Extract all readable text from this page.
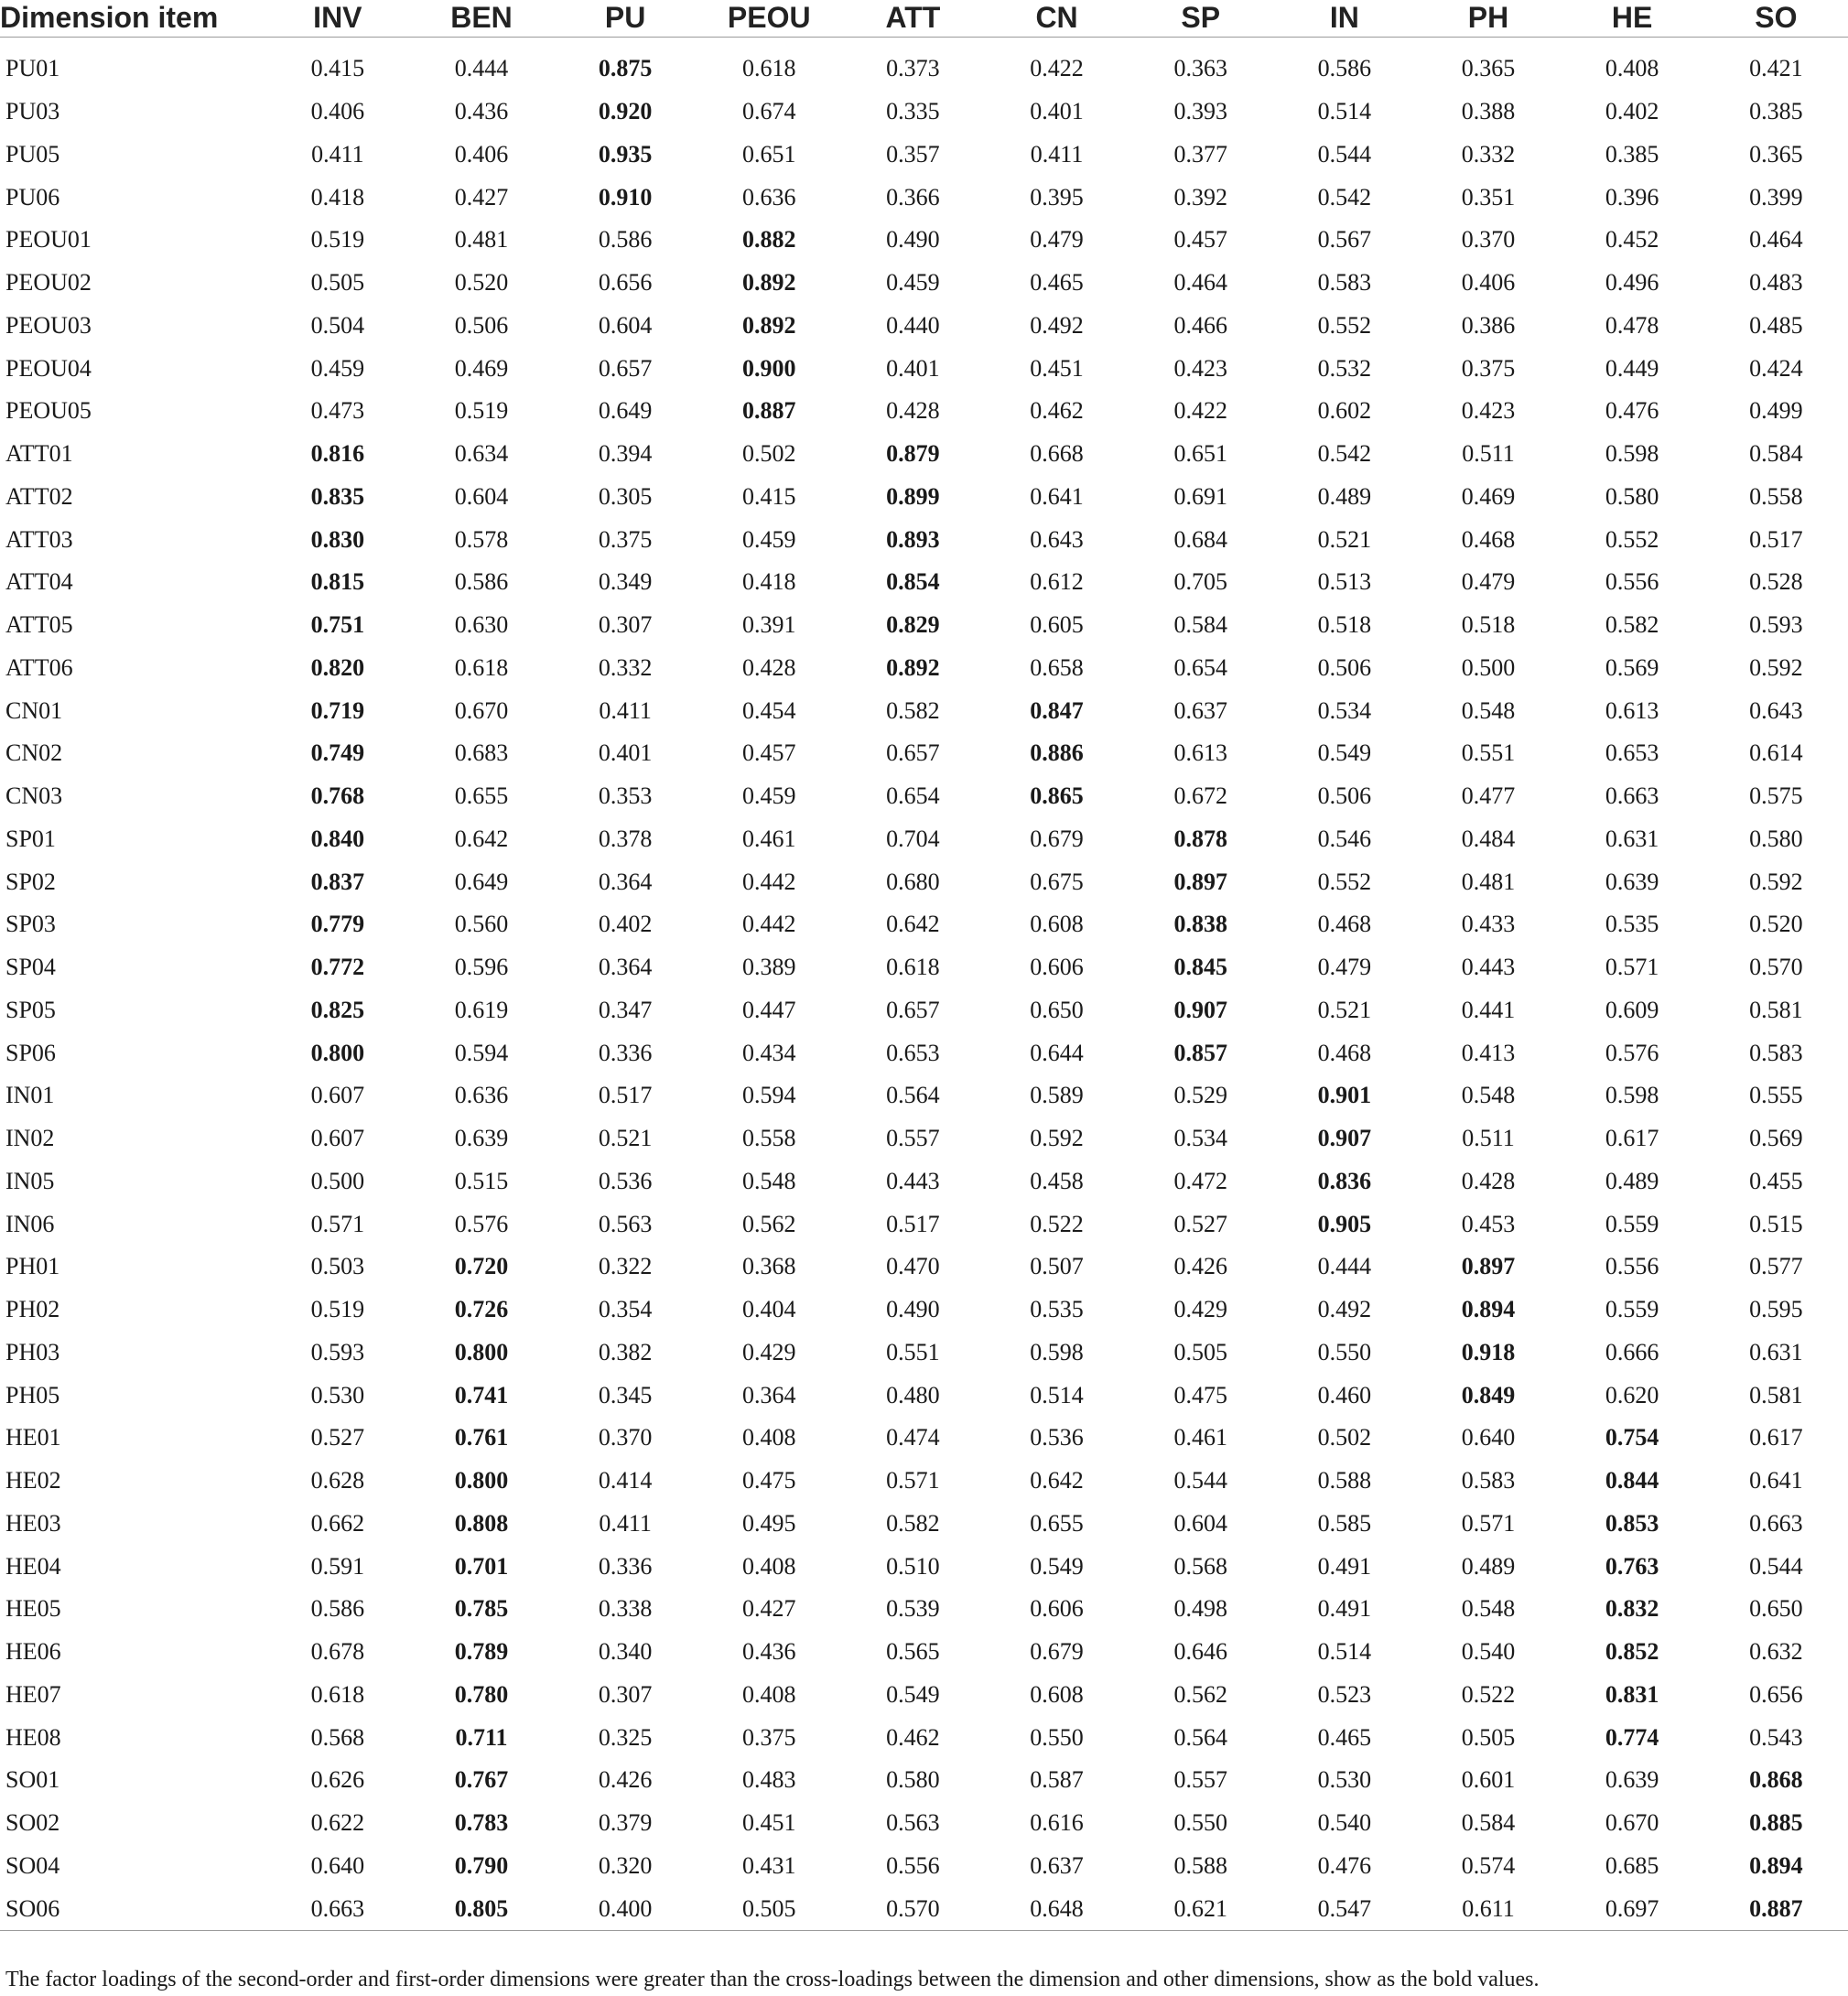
Dimension item	INV	BEN	PU	PEOU	ATT	CN	SP	IN	PH	HE	SO

PU01	0.415	0.444	0.875	0.618	0.373	0.422	0.363	0.586	0.365	0.408	0.421
PU03	0.406	0.436	0.920	0.674	0.335	0.401	0.393	0.514	0.388	0.402	0.385
PU05	0.411	0.406	0.935	0.651	0.357	0.411	0.377	0.544	0.332	0.385	0.365
PU06	0.418	0.427	0.910	0.636	0.366	0.395	0.392	0.542	0.351	0.396	0.399
PEOU01	0.519	0.481	0.586	0.882	0.490	0.479	0.457	0.567	0.370	0.452	0.464
PEOU02	0.505	0.520	0.656	0.892	0.459	0.465	0.464	0.583	0.406	0.496	0.483
PEOU03	0.504	0.506	0.604	0.892	0.440	0.492	0.466	0.552	0.386	0.478	0.485
PEOU04	0.459	0.469	0.657	0.900	0.401	0.451	0.423	0.532	0.375	0.449	0.424
PEOU05	0.473	0.519	0.649	0.887	0.428	0.462	0.422	0.602	0.423	0.476	0.499
ATT01	0.816	0.634	0.394	0.502	0.879	0.668	0.651	0.542	0.511	0.598	0.584
ATT02	0.835	0.604	0.305	0.415	0.899	0.641	0.691	0.489	0.469	0.580	0.558
ATT03	0.830	0.578	0.375	0.459	0.893	0.643	0.684	0.521	0.468	0.552	0.517
ATT04	0.815	0.586	0.349	0.418	0.854	0.612	0.705	0.513	0.479	0.556	0.528
ATT05	0.751	0.630	0.307	0.391	0.829	0.605	0.584	0.518	0.518	0.582	0.593
ATT06	0.820	0.618	0.332	0.428	0.892	0.658	0.654	0.506	0.500	0.569	0.592
CN01	0.719	0.670	0.411	0.454	0.582	0.847	0.637	0.534	0.548	0.613	0.643
CN02	0.749	0.683	0.401	0.457	0.657	0.886	0.613	0.549	0.551	0.653	0.614
CN03	0.768	0.655	0.353	0.459	0.654	0.865	0.672	0.506	0.477	0.663	0.575
SP01	0.840	0.642	0.378	0.461	0.704	0.679	0.878	0.546	0.484	0.631	0.580
SP02	0.837	0.649	0.364	0.442	0.680	0.675	0.897	0.552	0.481	0.639	0.592
SP03	0.779	0.560	0.402	0.442	0.642	0.608	0.838	0.468	0.433	0.535	0.520
SP04	0.772	0.596	0.364	0.389	0.618	0.606	0.845	0.479	0.443	0.571	0.570
SP05	0.825	0.619	0.347	0.447	0.657	0.650	0.907	0.521	0.441	0.609	0.581
SP06	0.800	0.594	0.336	0.434	0.653	0.644	0.857	0.468	0.413	0.576	0.583
IN01	0.607	0.636	0.517	0.594	0.564	0.589	0.529	0.901	0.548	0.598	0.555
IN02	0.607	0.639	0.521	0.558	0.557	0.592	0.534	0.907	0.511	0.617	0.569
IN05	0.500	0.515	0.536	0.548	0.443	0.458	0.472	0.836	0.428	0.489	0.455
IN06	0.571	0.576	0.563	0.562	0.517	0.522	0.527	0.905	0.453	0.559	0.515
PH01	0.503	0.720	0.322	0.368	0.470	0.507	0.426	0.444	0.897	0.556	0.577
PH02	0.519	0.726	0.354	0.404	0.490	0.535	0.429	0.492	0.894	0.559	0.595
PH03	0.593	0.800	0.382	0.429	0.551	0.598	0.505	0.550	0.918	0.666	0.631
PH05	0.530	0.741	0.345	0.364	0.480	0.514	0.475	0.460	0.849	0.620	0.581
HE01	0.527	0.761	0.370	0.408	0.474	0.536	0.461	0.502	0.640	0.754	0.617
HE02	0.628	0.800	0.414	0.475	0.571	0.642	0.544	0.588	0.583	0.844	0.641
HE03	0.662	0.808	0.411	0.495	0.582	0.655	0.604	0.585	0.571	0.853	0.663
HE04	0.591	0.701	0.336	0.408	0.510	0.549	0.568	0.491	0.489	0.763	0.544
HE05	0.586	0.785	0.338	0.427	0.539	0.606	0.498	0.491	0.548	0.832	0.650
HE06	0.678	0.789	0.340	0.436	0.565	0.679	0.646	0.514	0.540	0.852	0.632
HE07	0.618	0.780	0.307	0.408	0.549	0.608	0.562	0.523	0.522	0.831	0.656
HE08	0.568	0.711	0.325	0.375	0.462	0.550	0.564	0.465	0.505	0.774	0.543
SO01	0.626	0.767	0.426	0.483	0.580	0.587	0.557	0.530	0.601	0.639	0.868
SO02	0.622	0.783	0.379	0.451	0.563	0.616	0.550	0.540	0.584	0.670	0.885
SO04	0.640	0.790	0.320	0.431	0.556	0.637	0.588	0.476	0.574	0.685	0.894
SO06	0.663	0.805	0.400	0.505	0.570	0.648	0.621	0.547	0.611	0.697	0.887
The factor loadings of the second-order and first-order dimensions were greater than the cross-loadings between the dimension and other dimensions, show as the bold values.
